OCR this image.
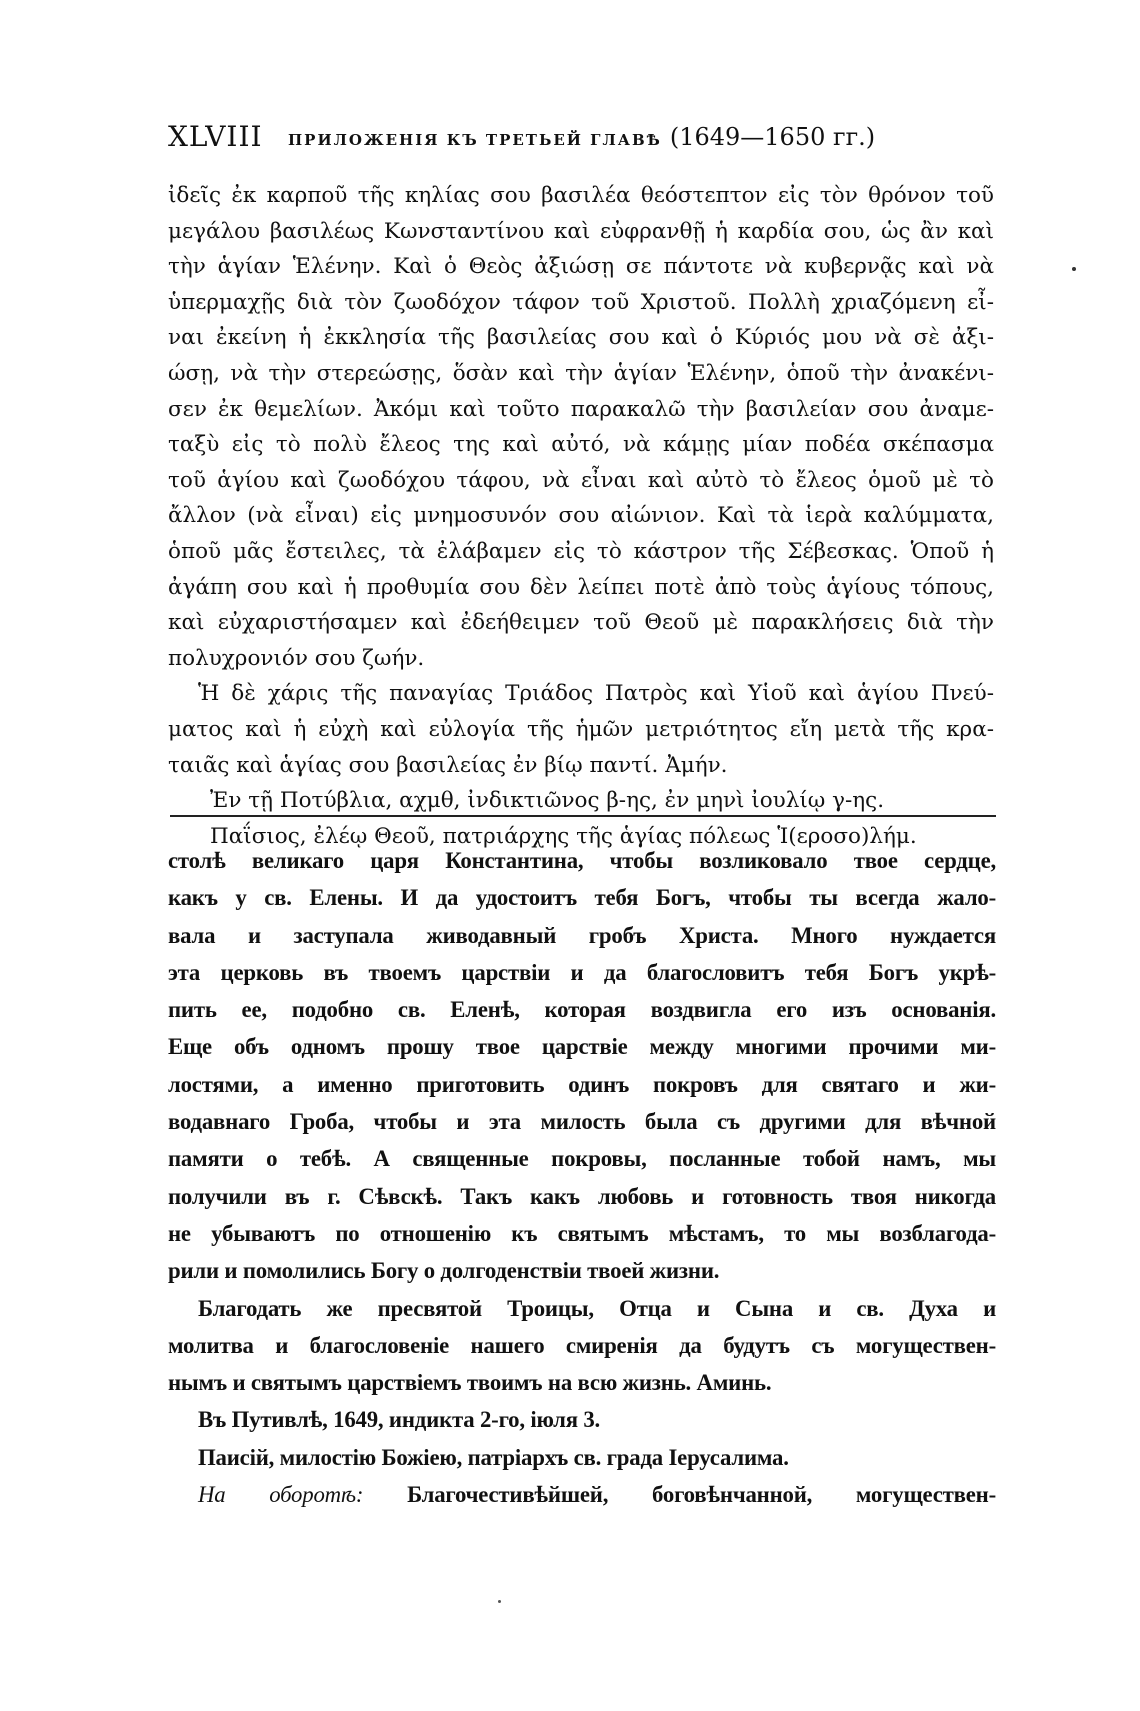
XLVIII ПРИЛОЖЕНІЯ КЪ ТРЕТЬЕЙ ГЛАВѢ (1649—1650 гг.)
ἰδεῖς ἐκ καρποῦ τῆς κηλίας σου βασιλέα θεόστεπτον εἰς τὸν θρόνον τοῦ
μεγάλου βασιλέως Κωνσταντίνου καὶ εὐφρανθῇ ἡ καρδία σου, ὡς ἂν καὶ
τὴν ἁγίαν Ἑλένην. Καὶ ὁ Θεὸς ἀξιώσῃ σε πάντοτε νὰ κυβερνᾷς καὶ νὰ
ὑπερμαχῇς διὰ τὸν ζωοδόχον τάφον τοῦ Χριστοῦ. Πολλὴ χριαζόμενη εἶ-
ναι ἐκείνη ἡ ἐκκλησία τῆς βασιλείας σου καὶ ὁ Κύριός μου νὰ σὲ ἀξι-
ώσῃ, νὰ τὴν στερεώσῃς, ὅσὰν καὶ τὴν ἁγίαν Ἑλένην, ὁποῦ τὴν ἀνακένι-
σεν ἐκ θεμελίων. Ἀκόμι καὶ τοῦτο παρακαλῶ τὴν βασιλείαν σου ἀναμε-
ταξὺ εἰς τὸ πολὺ ἔλεος της καὶ αὐτό, νὰ κάμῃς μίαν ποδέα σκέπασμα
τοῦ ἁγίου καὶ ζωοδόχου τάφου, νὰ εἶναι καὶ αὐτὸ τὸ ἔλεος ὁμοῦ μὲ τὸ
ἄλλον (νὰ εἶναι) εἰς μνημοσυνόν σου αἰώνιον. Καὶ τὰ ἱερὰ καλύμματα,
ὁποῦ μᾶς ἔστειλες, τὰ ἐλάβαμεν εἰς τὸ κάστρον τῆς Σέβεσκας. Ὁποῦ ἡ
ἀγάπη σου καὶ ἡ προθυμία σου δὲν λείπει ποτὲ ἀπὸ τοὺς ἁγίους τόπους,
καὶ εὐχαριστήσαμεν καὶ ἐδεήθειμεν τοῦ Θεοῦ μὲ παρακλήσεις διὰ τὴν
πολυχρονιόν σου ζωήν.
Ἡ δὲ χάρις τῆς παναγίας Τριάδος Πατρὸς καὶ Υἱοῦ καὶ ἁγίου Πνεύ-
ματος καὶ ἡ εὐχὴ καὶ εὐλογία τῆς ἡμῶν μετριότητος εἴη μετὰ τῆς κρα-
ταιᾶς καὶ ἁγίας σου βασιλείας ἐν βίῳ παντί. Ἀμήν.
Ἐν τῇ Ποτύβλια, αχμθ, ἰνδικτιῶνος β-ης, ἐν μηνὶ ἰουλίῳ γ-ης.
Παΐσιος, ἐλέῳ Θεοῦ, πατριάρχης τῆς ἁγίας πόλεως Ἱ(ερoσο)λήμ.
столѣ великаго царя Константина, чтобы возликовало твое сердце,
какъ у св. Елены. И да удостоитъ тебя Богъ, чтобы ты всегда жало-
вала и заступала живодавный гробъ Христа. Много нуждается
эта церковь въ твоемъ царствіи и да благословитъ тебя Богъ укрѣ-
пить ее, подобно св. Еленѣ, которая воздвигла его изъ основанія.
Еще объ одномъ прошу твое царствіе между многими прочими ми-
лостями, а именно приготовить одинъ покровъ для святаго и жи-
водавнаго Гроба, чтобы и эта милость была съ другими для вѣчной
памяти о тебѣ. А священные покровы, посланные тобой намъ, мы
получили въ г. Сѣвскѣ. Такъ какъ любовь и готовность твоя никогда
не убываютъ по отношенію къ святымъ мѣстамъ, то мы возблагода-
рили и помолились Богу о долгоденствіи твоей жизни.
Благодать же пресвятой Троицы, Отца и Сына и св. Духа и
молитва и благословеніе нашего смиренія да будутъ съ могуществен-
нымъ и святымъ царствіемъ твоимъ на всю жизнь. Аминь.
Въ Путивлѣ, 1649, индикта 2-го, іюля 3.
Паисій, милостію Божіею, патріархъ св. града Іерусалима.
На оборотѣ: Благочестивѣйшей, боговѣнчанной, могуществен-
